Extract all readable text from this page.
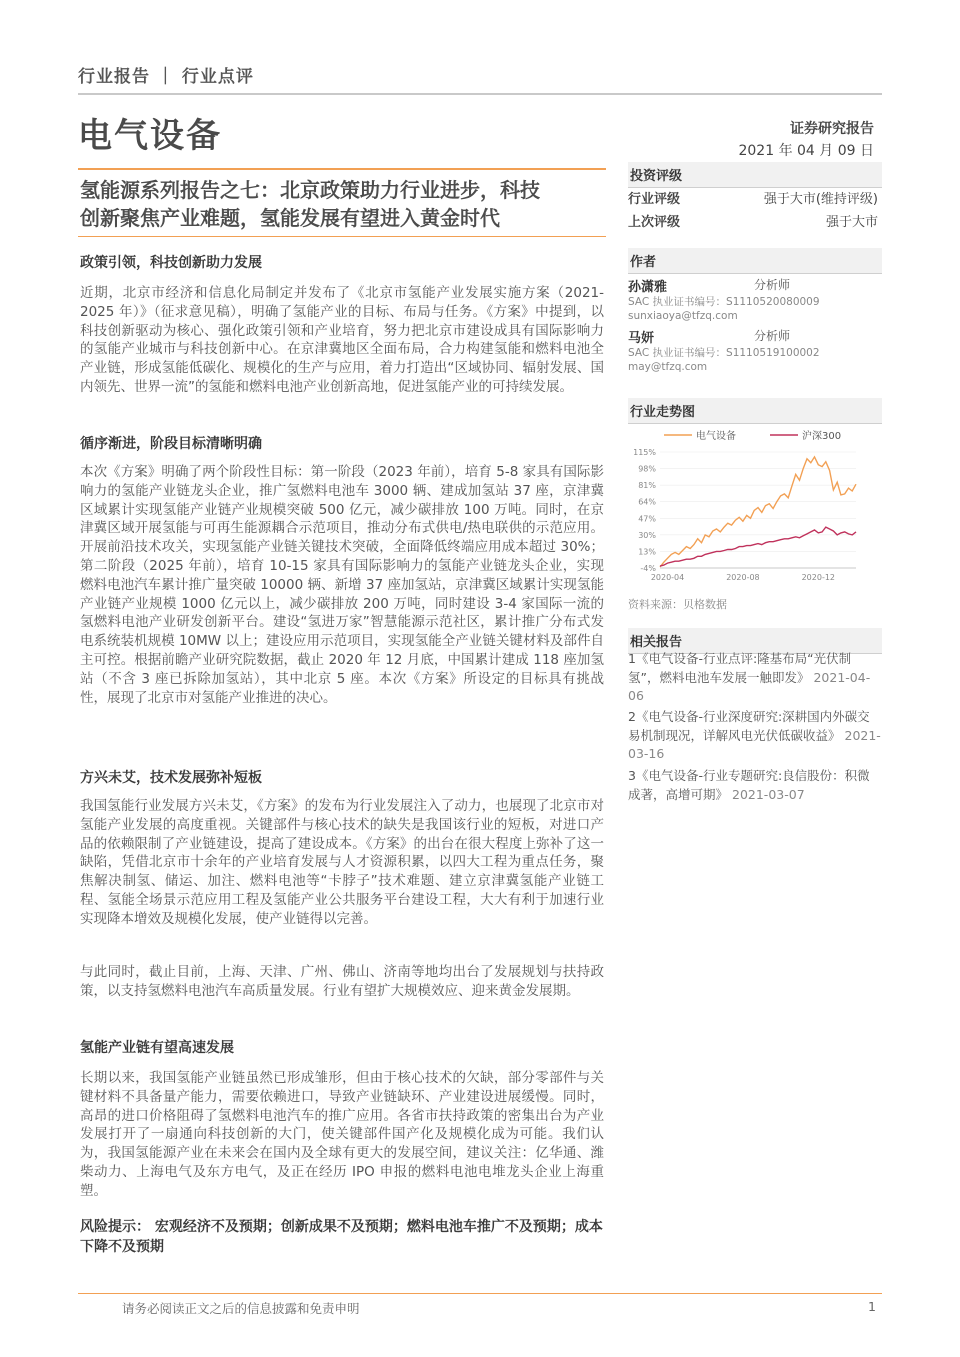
行业报告 ｜ 行业点评
电气设备	证券研究报告
2021 年 04 月 09 日
氢能源系列报告之七：北京政策助力行业进步，科技
创新聚焦产业难题，氢能发展有望进入黄金时代
政策引领，科技创新助力发展
近期，北京市经济和信息化局制定并发布了《北京市氢能产业发展实施方案（2021-2025 年）》（征求意见稿），明确了氢能产业的目标、布局与任务。《方案》中提到，以科技创新驱动为核心、强化政策引领和产业培育，努力把北京市建设成具有国际影响力的氢能产业城市与科技创新中心。在京津冀地区全面布局，合力构建氢能和燃料电池全产业链，形成氢能低碳化、规模化的生产与应用，着力打造出“区域协同、辐射发展、国内领先、世界一流”的氢能和燃料电池产业创新高地，促进氢能产业的可持续发展。
循序渐进，阶段目标清晰明确
本次《方案》明确了两个阶段性目标：第一阶段（2023 年前），培育 5-8 家具有国际影响力的氢能产业链龙头企业，推广氢燃料电池车 3000 辆、建成加氢站 37 座，京津冀区域累计实现氢能产业链产业规模突破 500 亿元，减少碳排放 100 万吨。同时，在京津冀区域开展氢能与可再生能源耦合示范项目，推动分布式供电/热电联供的示范应用。开展前沿技术攻关，实现氢能产业链关键技术突破，全面降低终端应用成本超过 30%；第二阶段（2025 年前），培育 10-15 家具有国际影响力的氢能产业链龙头企业，实现燃料电池汽车累计推广量突破 10000 辆、新增 37 座加氢站，京津冀区域累计实现氢能产业链产业规模 1000 亿元以上，减少碳排放 200 万吨，同时建设 3-4 家国际一流的氢燃料电池产业研发创新平台。建设“氢进万家”智慧能源示范社区，累计推广分布式发电系统装机规模 10MW 以上；建设应用示范项目，实现氢能全产业链关键材料及部件自主可控。根据前瞻产业研究院数据，截止 2020 年 12 月底，中国累计建成 118 座加氢站（不含 3 座已拆除加氢站），其中北京 5 座。本次《方案》所设定的目标具有挑战性，展现了北京市对氢能产业推进的决心。
方兴未艾，技术发展弥补短板
我国氢能行业发展方兴未艾，《方案》的发布为行业发展注入了动力，也展现了北京市对氢能产业发展的高度重视。关键部件与核心技术的缺失是我国该行业的短板，对进口产品的依赖限制了产业链建设，提高了建设成本。《方案》的出台在很大程度上弥补了这一缺陷，凭借北京市十余年的产业培育发展与人才资源积累，以四大工程为重点任务，聚焦解决制氢、储运、加注、燃料电池等“卡脖子”技术难题、建立京津冀氢能产业链工程、氢能全场景示范应用工程及氢能产业公共服务平台建设工程，大大有利于加速行业实现降本增效及规模化发展，使产业链得以完善。
与此同时，截止目前，上海、天津、广州、佛山、济南等地均出台了发展规划与扶持政策，以支持氢燃料电池汽车高质量发展。行业有望扩大规模效应、迎来黄金发展期。
氢能产业链有望高速发展
长期以来，我国氢能产业链虽然已形成雏形，但由于核心技术的欠缺，部分零部件与关键材料不具备量产能力，需要依赖进口，导致产业链缺环、产业建设进展缓慢。同时，高昂的进口价格阻碍了氢燃料电池汽车的推广应用。各省市扶持政策的密集出台为产业发展打开了一扇通向科技创新的大门，使关键部件国产化及规模化成为可能。我们认为，我国氢能源产业在未来会在国内及全球有更大的发展空间，建议关注：亿华通、潍柴动力、上海电气及东方电气，及正在经历 IPO 申报的燃料电池电堆龙头企业上海重塑。
风险提示： 宏观经济不及预期；创新成果不及预期；燃料电池车推广不及预期；成本下降不及预期
投资评级
行业评级	强于大市(维持评级)
上次评级	强于大市
作者
孙潇雅	分析师
SAC 执业证书编号：S1110520080009
sunxiaoya@tfzq.com
马妍	分析师
SAC 执业证书编号：S1110519100002
may@tfzq.com
行业走势图
电气设备	沪深300
-4%
13%
30%
47%
64%
81%
98%
115%
2020-04	2020-08	2020-12
资料来源：贝格数据
相关报告
1《电气设备-行业点评:隆基布局“光伏制氢”，燃料电池车发展一触即发》 2021-04-06
2《电气设备-行业深度研究:深耕国内外碳交易机制现况，详解风电光伏低碳收益》 2021-03-16
3《电气设备-行业专题研究:良信股份：积微成著，高增可期》 2021-03-07
请务必阅读正文之后的信息披露和免责申明	1
